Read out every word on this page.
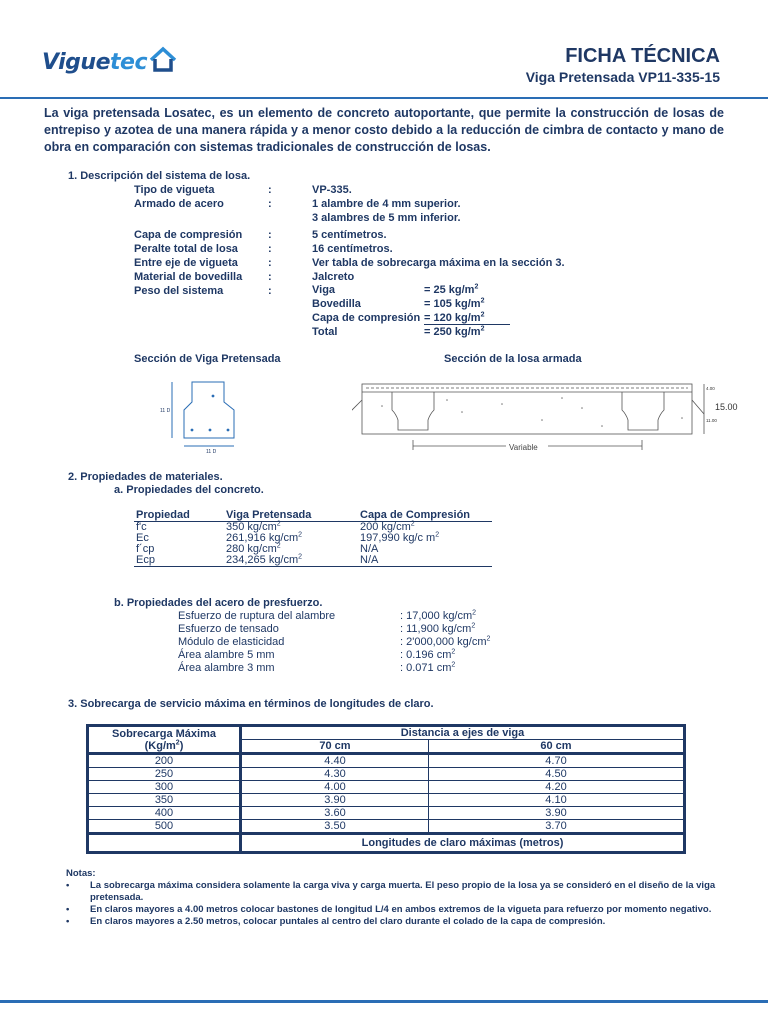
Viguetec	FICHA TÉCNICA
Viga Pretensada VP11-335-15
La viga pretensada Losatec, es un elemento de concreto autoportante, que permite la construcción de losas de entrepiso y azotea de una manera rápida y a menor costo debido a la reducción de cimbra de contacto y mano de obra en comparación con sistemas tradicionales de construcción de losas.
1. Descripción del sistema de losa.
Tipo de vigueta	:	VP-335.
Armado de acero	:	1 alambre de 4 mm superior.
3 alambres de 5 mm inferior.
Capa de compresión :	5 centímetros.
Peralte total de losa	:	16 centímetros.
Entre eje de vigueta	:	Ver tabla de sobrecarga máxima en la sección 3.
Material de bovedilla :	Jalcreto
Peso del sistema	:	Viga	= 25 $kg/m^2$
Bovedilla	= 105 $kg/m^2$
Capa de compresión = 120 $kg/m^2$
Total	= 250 $kg/m^2$
Sección de Viga Pretensada	Sección de la losa armada
11 D
11 D
15.00
4.00
11.00
Variable
2. Propiedades de materiales.
a. Propiedades del concreto.
Propiedad	Viga Pretensada	Capa de Compresión
f'c	350 $kg/cm^2$	200 $kg/cm^2$
Ec	261,916 $kg/cm^2$	197,990 kg/c $m^2$
f´cp	280 $kg/cm^2$	N/A
Ecp	234,265 $kg/cm^2$	N/A
b. Propiedades del acero de presfuerzo.
Esfuerzo de ruptura del alambre	: 17,000 $kg/cm^2$
Esfuerzo de tensado	: 11,900 $kg/cm^2$
Módulo de elasticidad	: 2'000,000 $kg/cm^2$
Área alambre 5 mm	: 0.196 $cm^2$
Área alambre 3 mm	: 0.071 $cm^2$
3. Sobrecarga de servicio máxima en términos de longitudes de claro.
Sobrecarga Máxima
$(Kg/m^2)$	Distancia a ejes de viga	
	70 cm	60 cm
200	4.40	4.70
250	4.30	4.50
300	4.00	4.20
350	3.90	4.10
400	3.60	3.90
500	3.50	3.70
	Longitudes de claro máximas (metros)	
Notas:
• La sobrecarga máxima considera solamente la carga viva y carga muerta. El peso propio de la losa ya se consideró en el diseño de la viga pretensada.
• En claros mayores a 4.00 metros colocar bastones de longitud L/4 en ambos extremos de la vigueta para refuerzo por momento negativo.
• En claros mayores a 2.50 metros, colocar puntales al centro del claro durante el colado de la capa de compresión.
